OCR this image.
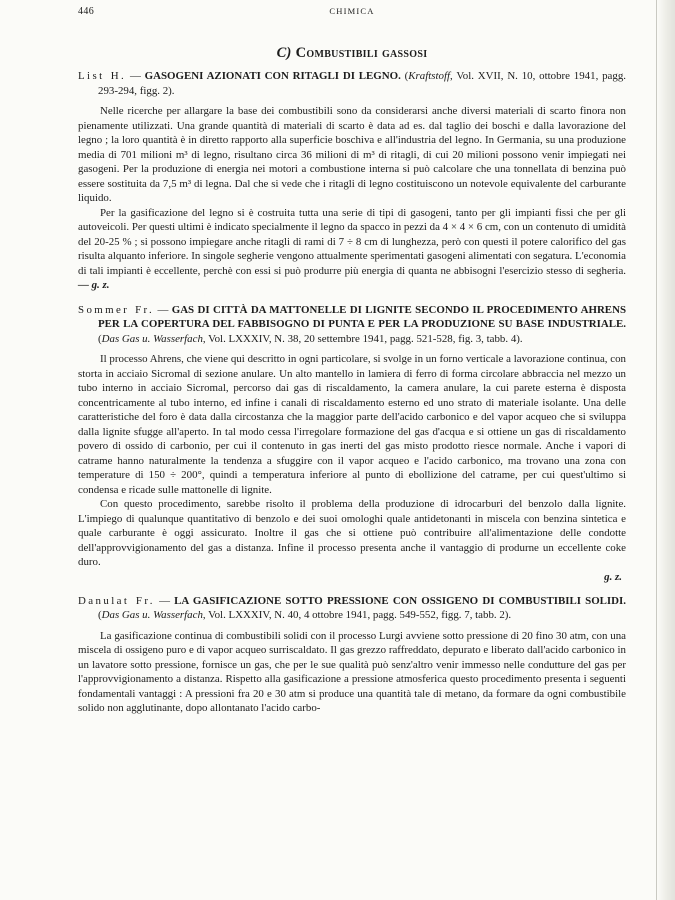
446	CHIMICA
C) Combustibili gassosi

List H. — GASOGENI AZIONATI CON RITAGLI DI LEGNO. (Kraftstoff, Vol. XVII, N. 10, ottobre 1941, pagg. 293-294, figg. 2).

Nelle ricerche per allargare la base dei combustibili sono da considerarsi anche diversi materiali di scarto finora non pienamente utilizzati. Una grande quantità di materiali di scarto è data ad es. dal taglio dei boschi e dalla lavorazione del legno ; la loro quantità è in diretto rapporto alla superficie boschiva e all'industria del legno. In Germania, su una produzione media di 701 milioni m³ di legno, risultano circa 36 milioni di m³ di ritagli, di cui 20 milioni possono venir impiegati nei gasogeni. Per la produzione di energia nei motori a combustione interna si può calcolare che una tonnellata di benzina può essere sostituita da 7,5 m³ di legna. Dal che si vede che i ritagli di legno costituiscono un notevole equivalente del carburante liquido.

Per la gasificazione del legno si è costruita tutta una serie di tipi di gasogeni, tanto per gli impianti fissi che per gli autoveicoli. Per questi ultimi è indicato specialmente il legno da spacco in pezzi da 4 × 4 × 6 cm, con un contenuto di umidità del 20-25 % ; si possono impiegare anche ritagli di rami di 7 ÷ 8 cm di lunghezza, però con questi il potere calorifico del gas risulta alquanto inferiore. In singole segherie vengono attualmente sperimentati gasogeni alimentati con segatura. L'economia di tali impianti è eccellente, perchè con essi si può produrre più energia di quanta ne abbisogni l'esercizio stesso di segheria. — g. z.

Sommer Fr. — GAS DI CITTÀ DA MATTONELLE DI LIGNITE SECONDO IL PROCEDIMENTO AHRENS PER LA COPERTURA DEL FABBISOGNO DI PUNTA E PER LA PRODUZIONE SU BASE INDUSTRIALE. (Das Gas u. Wasserfach, Vol. LXXXIV, N. 38, 20 settembre 1941, pagg. 521-528, fig. 3, tabb. 4).

Il processo Ahrens, che viene qui descritto in ogni particolare, si svolge in un forno verticale a lavorazione continua, con storta in acciaio Sicromal di sezione anulare. Un alto mantello in lamiera di ferro di forma circolare abbraccia nel mezzo un tubo interno in acciaio Sicromal, percorso dai gas di riscaldamento, la camera anulare, la cui parete esterna è disposta concentricamente al tubo interno, ed infine i canali di riscaldamento esterno ed uno strato di materiale isolante. Una delle caratteristiche del foro è data dalla circostanza che la maggior parte dell'acido carbonico e del vapor acqueo che si sviluppa dalla lignite sfugge all'aperto. In tal modo cessa l'irregolare formazione del gas d'acqua e si ottiene un gas di riscaldamento povero di ossido di carbonio, per cui il contenuto in gas inerti del gas misto prodotto riesce normale. Anche i vapori di catrame hanno naturalmente la tendenza a sfuggire con il vapor acqueo e l'acido carbonico, ma trovano una zona con temperature di 150 ÷ 200°, quindi a temperatura inferiore al punto di ebollizione del catrame, per cui quest'ultimo si condensa e ricade sulle mattonelle di lignite.

Con questo procedimento, sarebbe risolto il problema della produzione di idrocarburi del benzolo dalla lignite. L'impiego di qualunque quantitativo di benzolo e dei suoi omologhi quale antidetonanti in miscela con benzina sintetica e quale carburante è oggi assicurato. Inoltre il gas che si ottiene può contribuire all'alimentazione delle condotte dell'approvvigionamento del gas a distanza. Infine il processo presenta anche il vantaggio di produrne un eccellente coke duro.

g. z.

Danulat Fr. — LA GASIFICAZIONE SOTTO PRESSIONE CON OSSIGENO DI COMBUSTIBILI SOLIDI. (Das Gas u. Wasserfach, Vol. LXXXIV, N. 40, 4 ottobre 1941, pagg. 549-552, figg. 7, tabb. 2).

La gasificazione continua di combustibili solidi con il processo Lurgi avviene sotto pressione di 20 fino 30 atm, con una miscela di ossigeno puro e di vapor acqueo surriscaldato. Il gas grezzo raffreddato, depurato e liberato dall'acido carbonico in un lavatore sotto pressione, fornisce un gas, che per le sue qualità può senz'altro venir immesso nelle condutture del gas per l'approvvigionamento a distanza. Rispetto alla gasificazione a pressione atmosferica questo procedimento presenta i seguenti fondamentali vantaggi : A pressioni fra 20 e 30 atm si produce una quantità tale di metano, da formare da ogni combustibile solido non agglutinante, dopo allontanato l'acido carbo-
